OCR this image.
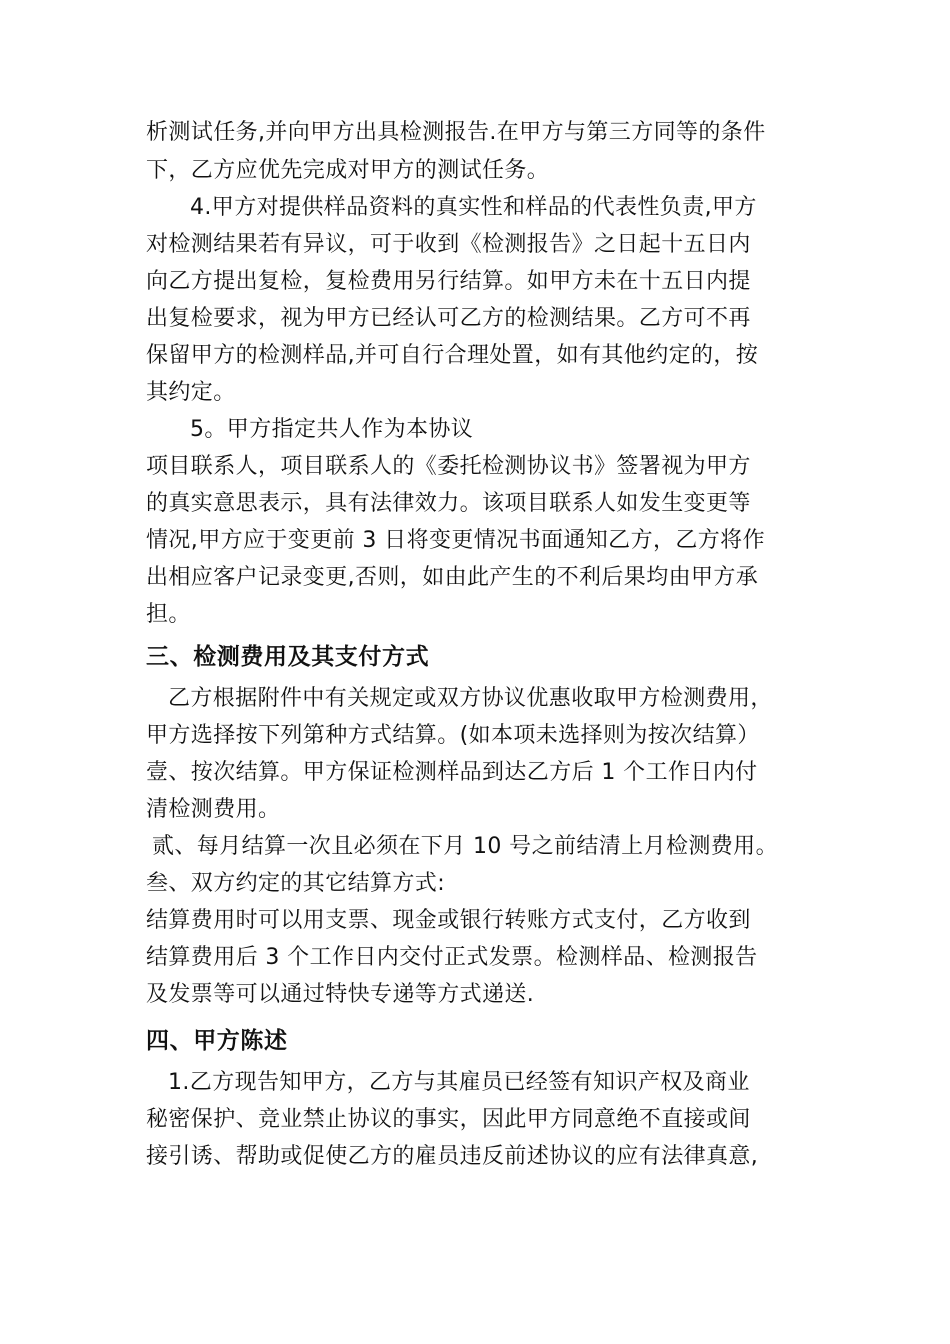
析测试任务,并向甲方出具检测报告.在甲方与第三方同等的条件
下，乙方应优先完成对甲方的测试任务。
4.甲方对提供样品资料的真实性和样品的代表性负责,甲方
对检测结果若有异议，可于收到《检测报告》之日起十五日内
向乙方提出复检，复检费用另行结算。如甲方未在十五日内提
出复检要求，视为甲方已经认可乙方的检测结果。乙方可不再
保留甲方的检测样品,并可自行合理处置，如有其他约定的，按
其约定。
5。甲方指定共人作为本协议
项目联系人，项目联系人的《委托检测协议书》签署视为甲方
的真实意思表示，具有法律效力。该项目联系人如发生变更等
情况,甲方应于变更前 3 日将变更情况书面通知乙方，乙方将作
出相应客户记录变更,否则，如由此产生的不利后果均由甲方承
担。
三、检测费用及其支付方式
乙方根据附件中有关规定或双方协议优惠收取甲方检测费用，
甲方选择按下列第种方式结算。(如本项未选择则为按次结算）
壹、按次结算。甲方保证检测样品到达乙方后 1 个工作日内付
清检测费用。
贰、每月结算一次且必须在下月 10 号之前结清上月检测费用。
叁、双方约定的其它结算方式:
结算费用时可以用支票、现金或银行转账方式支付，乙方收到
结算费用后 3 个工作日内交付正式发票。检测样品、检测报告
及发票等可以通过特快专递等方式递送.
四、甲方陈述
1.乙方现告知甲方，乙方与其雇员已经签有知识产权及商业
秘密保护、竞业禁止协议的事实，因此甲方同意绝不直接或间
接引诱、帮助或促使乙方的雇员违反前述协议的应有法律真意,
